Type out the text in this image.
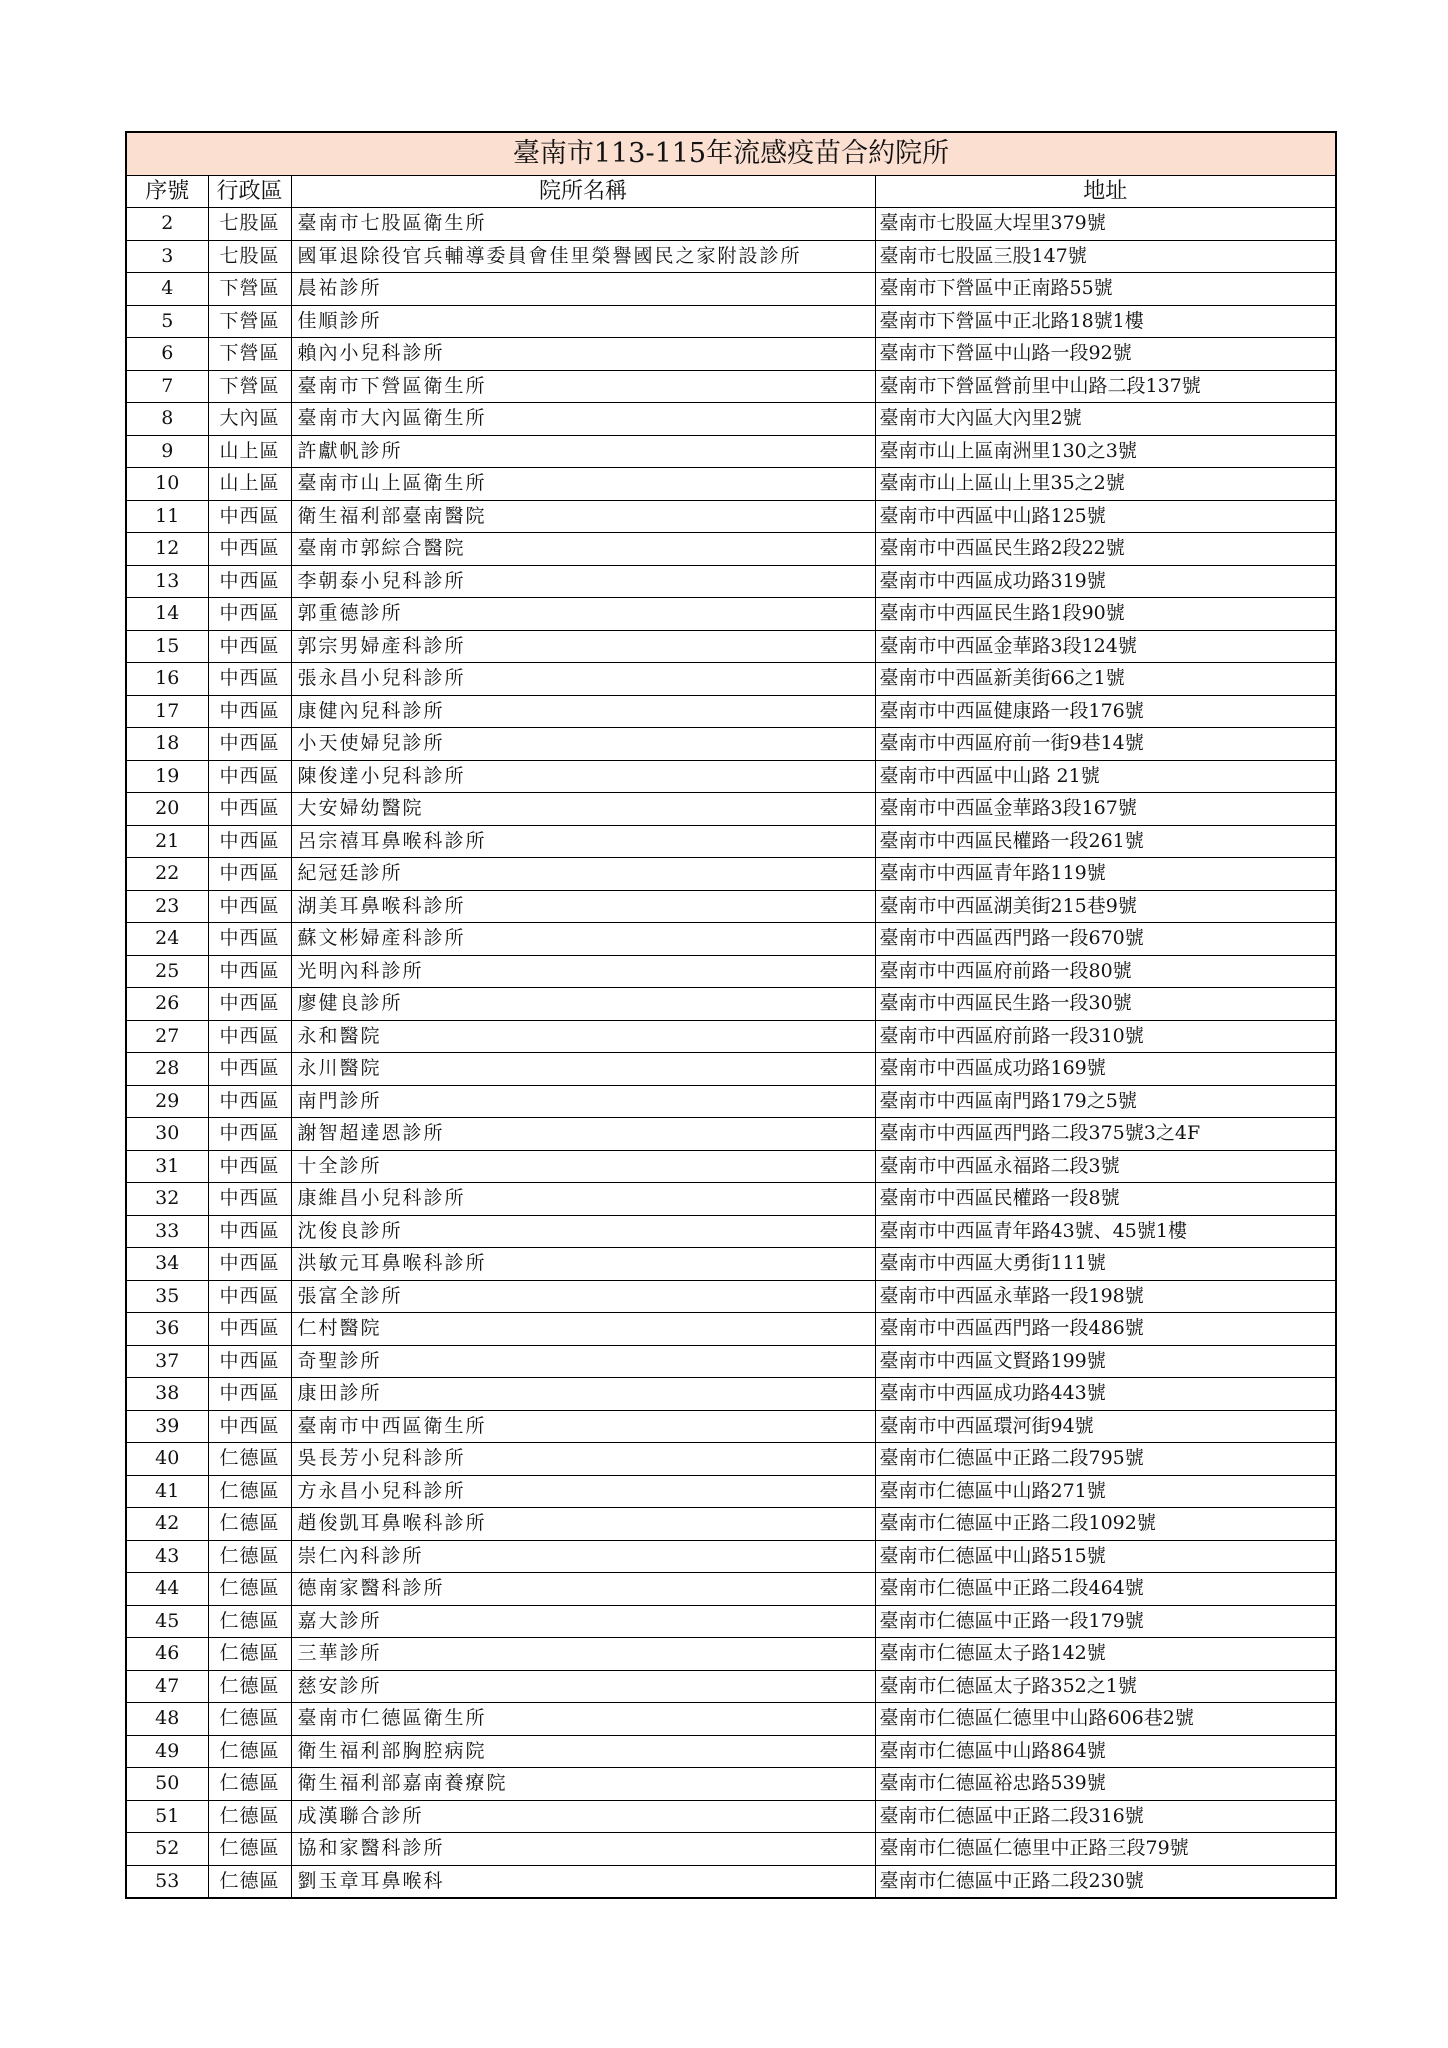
臺南市113-115年流感疫苗合約院所			
序號	行政區	院所名稱	地址
2	七股區	臺南市七股區衛生所	臺南市七股區大埕里379號
3	七股區	國軍退除役官兵輔導委員會佳里榮譽國民之家附設診所	臺南市七股區三股147號
4	下營區	晨祐診所	臺南市下營區中正南路55號
5	下營區	佳順診所	臺南市下營區中正北路18號1樓
6	下營區	賴內小兒科診所	臺南市下營區中山路一段92號
7	下營區	臺南市下營區衛生所	臺南市下營區營前里中山路二段137號
8	大內區	臺南市大內區衛生所	臺南市大內區大內里2號
9	山上區	許獻帆診所	臺南市山上區南洲里130之3號
10	山上區	臺南市山上區衛生所	臺南市山上區山上里35之2號
11	中西區	衛生福利部臺南醫院	臺南市中西區中山路125號
12	中西區	臺南市郭綜合醫院	臺南市中西區民生路2段22號
13	中西區	李朝泰小兒科診所	臺南市中西區成功路319號
14	中西區	郭重德診所	臺南市中西區民生路1段90號
15	中西區	郭宗男婦產科診所	臺南市中西區金華路3段124號
16	中西區	張永昌小兒科診所	臺南市中西區新美街66之1號
17	中西區	康健內兒科診所	臺南市中西區健康路一段176號
18	中西區	小天使婦兒診所	臺南市中西區府前一街9巷14號
19	中西區	陳俊達小兒科診所	臺南市中西區中山路 21號
20	中西區	大安婦幼醫院	臺南市中西區金華路3段167號
21	中西區	呂宗禧耳鼻喉科診所	臺南市中西區民權路一段261號
22	中西區	紀冠廷診所	臺南市中西區青年路119號
23	中西區	湖美耳鼻喉科診所	臺南市中西區湖美街215巷9號
24	中西區	蘇文彬婦產科診所	臺南市中西區西門路一段670號
25	中西區	光明內科診所	臺南市中西區府前路一段80號
26	中西區	廖健良診所	臺南市中西區民生路一段30號
27	中西區	永和醫院	臺南市中西區府前路一段310號
28	中西區	永川醫院	臺南市中西區成功路169號
29	中西區	南門診所	臺南市中西區南門路179之5號
30	中西區	謝智超達恩診所	臺南市中西區西門路二段375號3之4F
31	中西區	十全診所	臺南市中西區永福路二段3號
32	中西區	康維昌小兒科診所	臺南市中西區民權路一段8號
33	中西區	沈俊良診所	臺南市中西區青年路43號、45號1樓
34	中西區	洪敏元耳鼻喉科診所	臺南市中西區大勇街111號
35	中西區	張富全診所	臺南市中西區永華路一段198號
36	中西區	仁村醫院	臺南市中西區西門路一段486號
37	中西區	奇聖診所	臺南市中西區文賢路199號
38	中西區	康田診所	臺南市中西區成功路443號
39	中西區	臺南市中西區衛生所	臺南市中西區環河街94號
40	仁德區	吳長芳小兒科診所	臺南市仁德區中正路二段795號
41	仁德區	方永昌小兒科診所	臺南市仁德區中山路271號
42	仁德區	趙俊凱耳鼻喉科診所	臺南市仁德區中正路二段1092號
43	仁德區	崇仁內科診所	臺南市仁德區中山路515號
44	仁德區	德南家醫科診所	臺南市仁德區中正路二段464號
45	仁德區	嘉大診所	臺南市仁德區中正路一段179號
46	仁德區	三華診所	臺南市仁德區太子路142號
47	仁德區	慈安診所	臺南市仁德區太子路352之1號
48	仁德區	臺南市仁德區衛生所	臺南市仁德區仁德里中山路606巷2號
49	仁德區	衛生福利部胸腔病院	臺南市仁德區中山路864號
50	仁德區	衛生福利部嘉南養療院	臺南市仁德區裕忠路539號
51	仁德區	成漢聯合診所	臺南市仁德區中正路二段316號
52	仁德區	協和家醫科診所	臺南市仁德區仁德里中正路三段79號
53	仁德區	劉玉章耳鼻喉科	臺南市仁德區中正路二段230號
